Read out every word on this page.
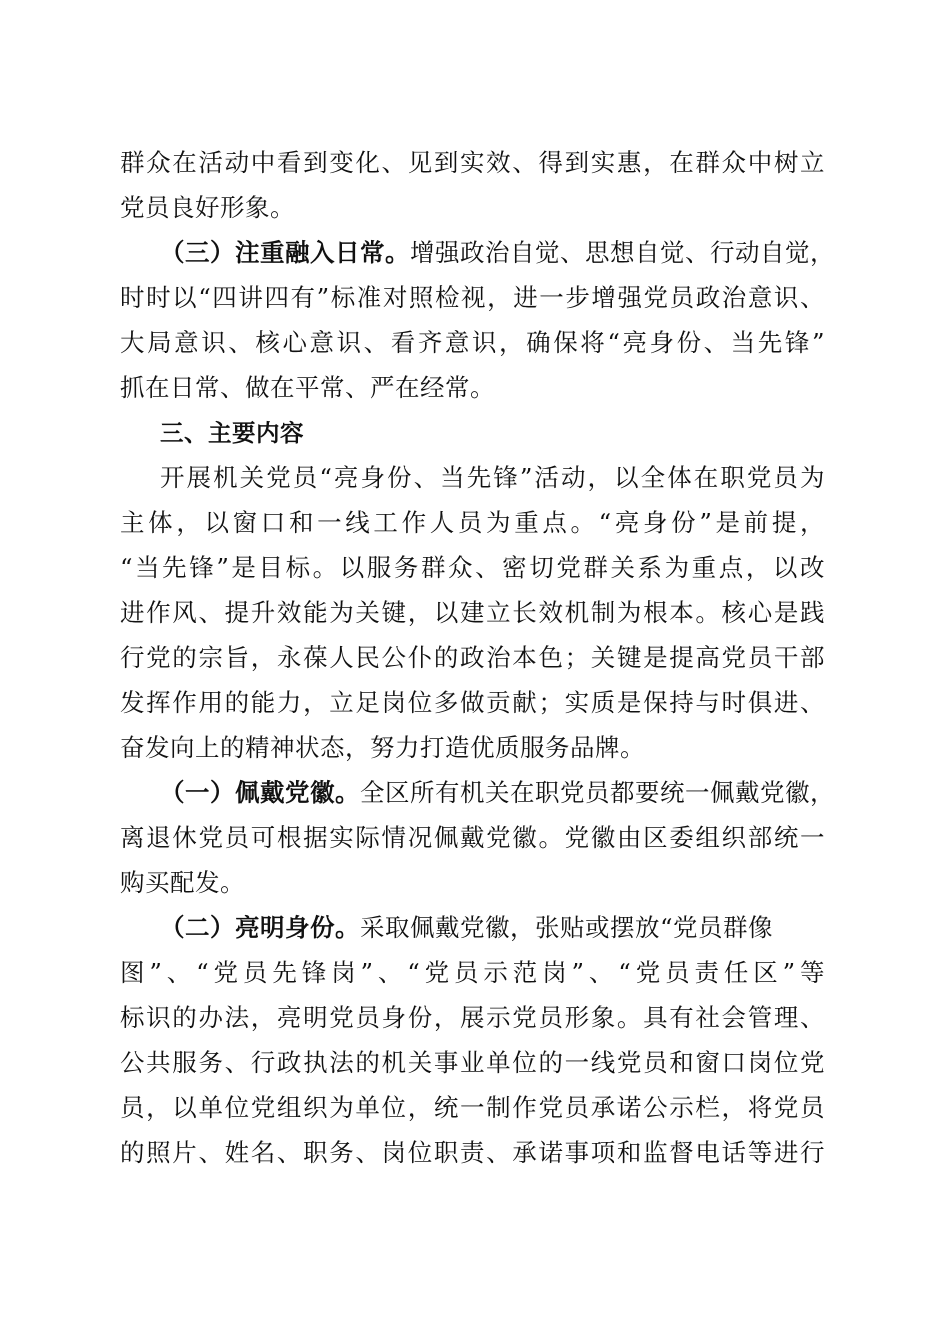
群众在活动中看到变化、见到实效、得到实惠，在群众中树立
党员良好形象。
（三）注重融入日常。增强政治自觉、思想自觉、行动自觉，
时时以“四讲四有”标准对照检视，进一步增强党员政治意识、
大局意识、核心意识、看齐意识，确保将“亮身份、当先锋”
抓在日常、做在平常、严在经常。
三、主要内容
开展机关党员“亮身份、当先锋”活动，以全体在职党员为
主体，以窗口和一线工作人员为重点。“亮身份”是前提，
“当先锋”是目标。以服务群众、密切党群关系为重点，以改
进作风、提升效能为关键，以建立长效机制为根本。核心是践
行党的宗旨，永葆人民公仆的政治本色；关键是提高党员干部
发挥作用的能力，立足岗位多做贡献；实质是保持与时俱进、
奋发向上的精神状态，努力打造优质服务品牌。
（一）佩戴党徽。全区所有机关在职党员都要统一佩戴党徽，
离退休党员可根据实际情况佩戴党徽。党徽由区委组织部统一
购买配发。
（二）亮明身份。采取佩戴党徽，张贴或摆放“党员群像
图”、“党员先锋岗”、“党员示范岗”、“党员责任区”等
标识的办法，亮明党员身份，展示党员形象。具有社会管理、
公共服务、行政执法的机关事业单位的一线党员和窗口岗位党
员，以单位党组织为单位，统一制作党员承诺公示栏，将党员
的照片、姓名、职务、岗位职责、承诺事项和监督电话等进行
